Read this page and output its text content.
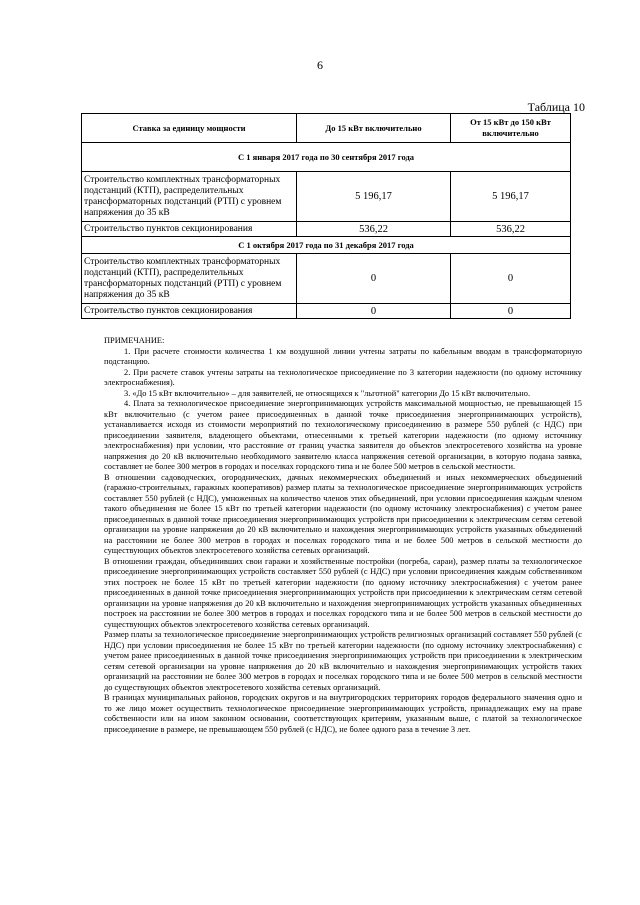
6
Таблица 10
Ставка за единицу мощности	До 15 кВт включительно	От 15 кВт до 150 кВт включительно
С 1 января 2017 года по 30 сентября 2017 года		
Строительство комплектных трансформаторных подстанций (КТП), распределительных трансформаторных подстанций (РТП) с уровнем напряжения до 35 кВ	5 196,17	5 196,17
Строительство пунктов секционирования	536,22	536,22
С 1 октября 2017 года по 31 декабря 2017 года		
Строительство комплектных трансформаторных подстанций (КТП), распределительных трансформаторных подстанций (РТП) с уровнем напряжения до 35 кВ	0	0
Строительство пунктов секционирования	0	0

ПРИМЕЧАНИЕ:

1. При расчете стоимости количества 1 км воздушной линии учтены затраты по кабельным вводам в трансформаторную подстанцию.

2. При расчете ставок учтены затраты на технологическое присоединение по 3 категории надежности (по одному источнику электроснабжения).

3. «До 15 кВт включительно» – для заявителей, не относящихся к "льготной" категории До 15 кВт включительно.

4. Плата за технологическое присоединение энергопринимающих устройств максимальной мощностью, не превышающей 15 кВт включительно (с учетом ранее присоединенных в данной точке присоединения энергопринимающих устройств), устанавливается исходя из стоимости мероприятий по технологическому присоединению в размере 550 рублей (с НДС) при присоединении заявителя, владеющего объектами, отнесенными к третьей категории надежности (по одному источнику электроснабжения) при условии, что расстояние от границ участка заявителя до объектов электросетевого хозяйства на уровне напряжения до 20 кВ включительно необходимого заявителю класса напряжения сетевой организации, в которую подана заявка, составляет не более 300 метров в городах и поселках городского типа и не более 500 метров в сельской местности.

В отношении садоводческих, огороднических, дачных некоммерческих объединений и иных некоммерческих объединений (гаражно-строительных, гаражных кооперативов) размер платы за технологическое присоединение энергопринимающих устройств составляет 550 рублей (с НДС), умноженных на количество членов этих объединений, при условии присоединения каждым членом такого объединения не более 15 кВт по третьей категории надежности (по одному источнику электроснабжения) с учетом ранее присоединенных в данной точке присоединения энергопринимающих устройств при присоединении к электрическим сетям сетевой организации на уровне напряжения до 20 кВ включительно и нахождения энергопринимающих устройств указанных объединений на расстоянии не более 300 метров в городах и поселках городского типа и не более 500 метров в сельской местности до существующих объектов электросетевого хозяйства сетевых организаций.

В отношении граждан, объединивших свои гаражи и хозяйственные постройки (погреба, сараи), размер платы за технологическое присоединение энергопринимающих устройств составляет 550 рублей (с НДС) при условии присоединения каждым собственником этих построек не более 15 кВт по третьей категории надежности (по одному источнику электроснабжения) с учетом ранее присоединенных в данной точке присоединения энергопринимающих устройств при присоединении к электрическим сетям сетевой организации на уровне напряжения до 20 кВ включительно и нахождения энергопринимающих устройств указанных объединенных построек на расстоянии не более 300 метров в городах и поселках городского типа и не более 500 метров в сельской местности до существующих объектов электросетевого хозяйства сетевых организаций.

Размер платы за технологическое присоединение энергопринимающих устройств религиозных организаций составляет 550 рублей (с НДС) при условии присоединения не более 15 кВт по третьей категории надежности (по одному источнику электроснабжения) с учетом ранее присоединенных в данной точке присоединения энергопринимающих устройств при присоединении к электрическим сетям сетевой организации на уровне напряжения до 20 кВ включительно и нахождения энергопринимающих устройств таких организаций на расстоянии не более 300 метров в городах и поселках городского типа и не более 500 метров в сельской местности до существующих объектов электросетевого хозяйства сетевых организаций.

В границах муниципальных районов, городских округов и на внутригородских территориях городов федерального значения одно и то же лицо может осуществить технологическое присоединение энергопринимающих устройств, принадлежащих ему на праве собственности или на ином законном основании, соответствующих критериям, указанным выше, с платой за технологическое присоединение в размере, не превышающем 550 рублей (с НДС), не более одного раза в течение 3 лет.
